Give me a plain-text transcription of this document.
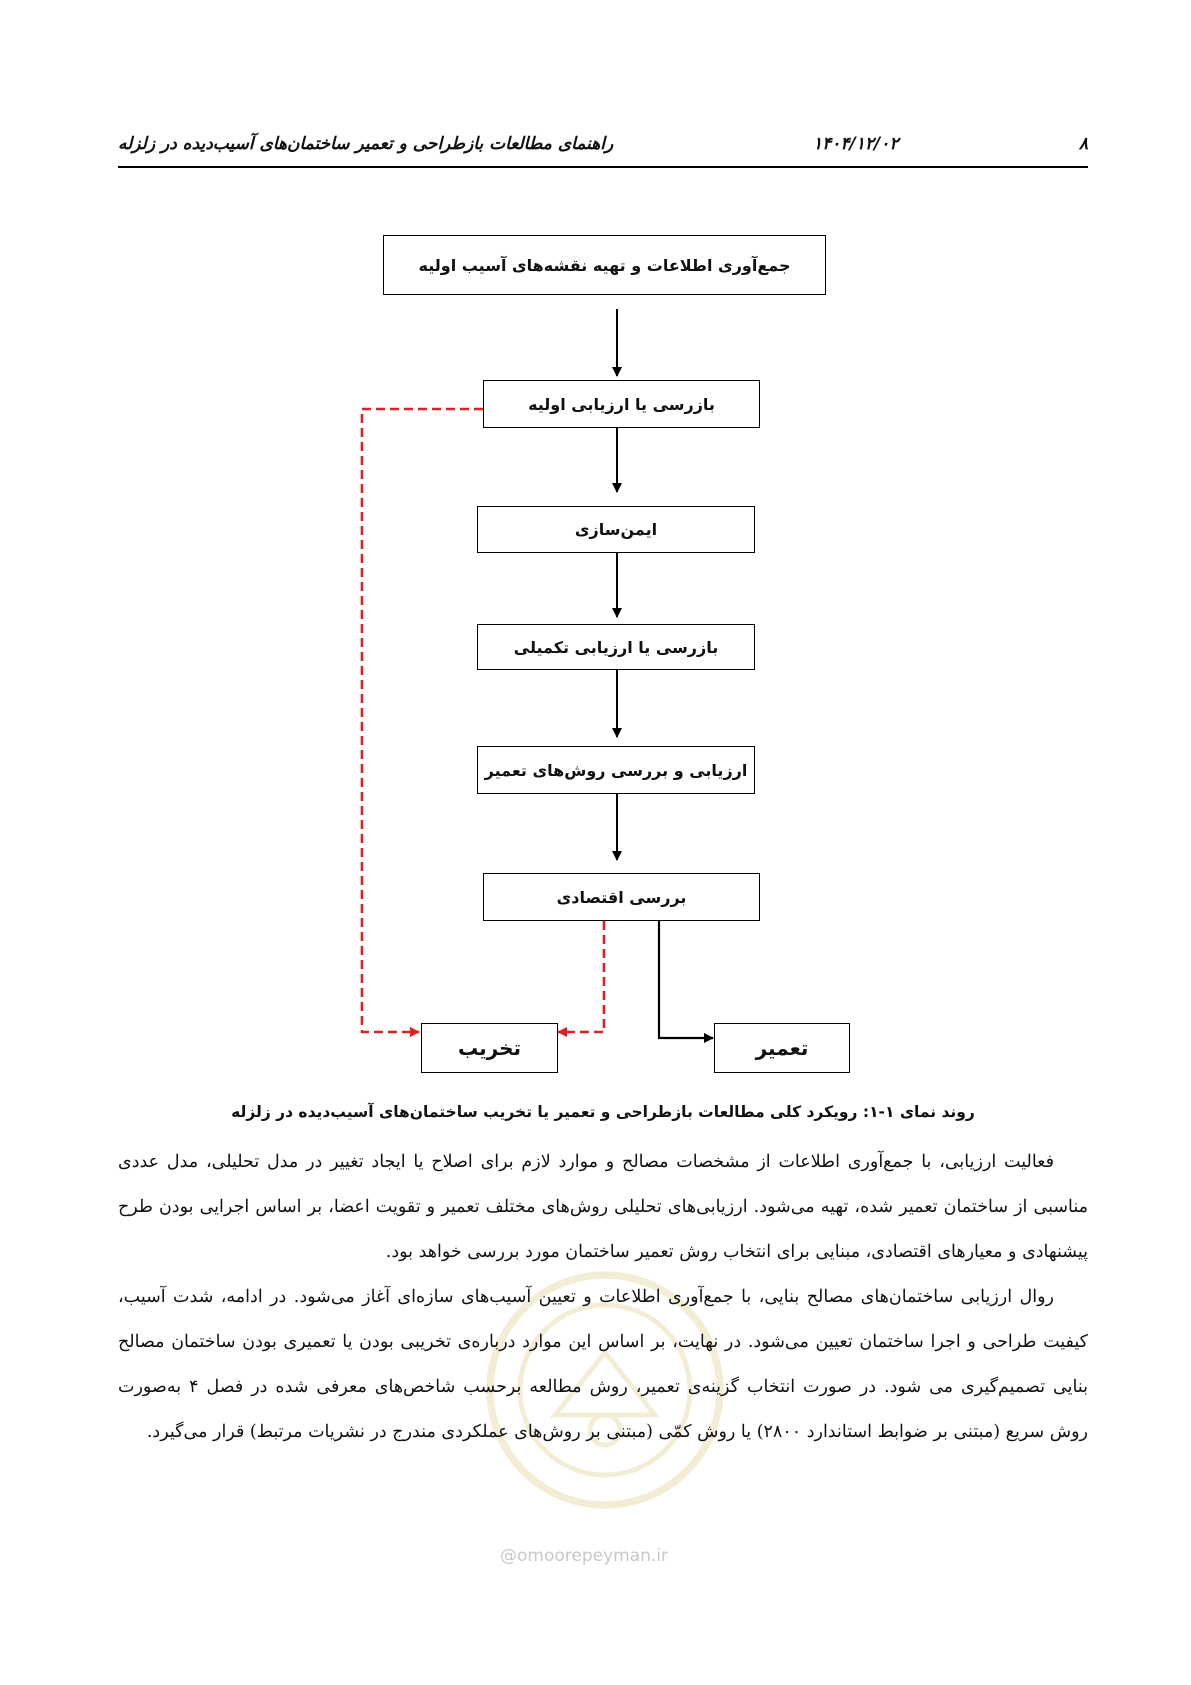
۸
۱۴۰۴/۱۲/۰۲
راهنمای مطالعات بازطراحی و تعمیر ساختمان‌های آسیب‌دیده در زلزله
جمع‌آوری اطلاعات و تهیه نقشه‌های آسیب اولیه
بازرسی یا ارزیابی اولیه
ایمن‌سازی
بازرسی یا ارزیابی تکمیلی
ارزیابی و بررسی روش‌های تعمیر
بررسی اقتصادی
تخریب	تعمیر
روند نمای ۱-۱: رویکرد کلی مطالعات بازطراحی و تعمیر یا تخریب ساختمان‌های آسیب‌دیده در زلزله

فعالیت ارزیابی، با جمع‌آوری اطلاعات از مشخصات مصالح و موارد لازم برای اصلاح یا ایجاد تغییر در مدل تحلیلی، مدل عددی مناسبی از ساختمان تعمیر شده، تهیه می‌شود. ارزیابی‌های تحلیلی روش‌های مختلف تعمیر و تقویت اعضا، بر اساس اجرایی بودن طرح پیشنهادی و معیارهای اقتصادی، مبنایی برای انتخاب روش تعمیر ساختمان مورد بررسی خواهد بود.

روال ارزیابی ساختمان‌های مصالح بنایی، با جمع‌آوری اطلاعات و تعیین آسیب‌های سازه‌ای آغاز می‌شود. در ادامه، شدت آسیب، کیفیت طراحی و اجرا ساختمان تعیین می‌شود. در نهایت، بر اساس این موارد درباره‌ی تخریبی بودن یا تعمیری بودن ساختمان مصالح بنایی تصمیم‌گیری می شود. در صورت انتخاب گزینه‌ی تعمیر، روش مطالعه برحسب شاخص‌های معرفی شده در فصل ۴ به‌صورت روش سریع (مبتنی بر ضوابط استاندارد ۲۸۰۰) یا روش کمّی (مبتنی بر روش‌های عملکردی مندرج در نشریات مرتبط) قرار می‌گیرد.

@omoorepeyman.ir
